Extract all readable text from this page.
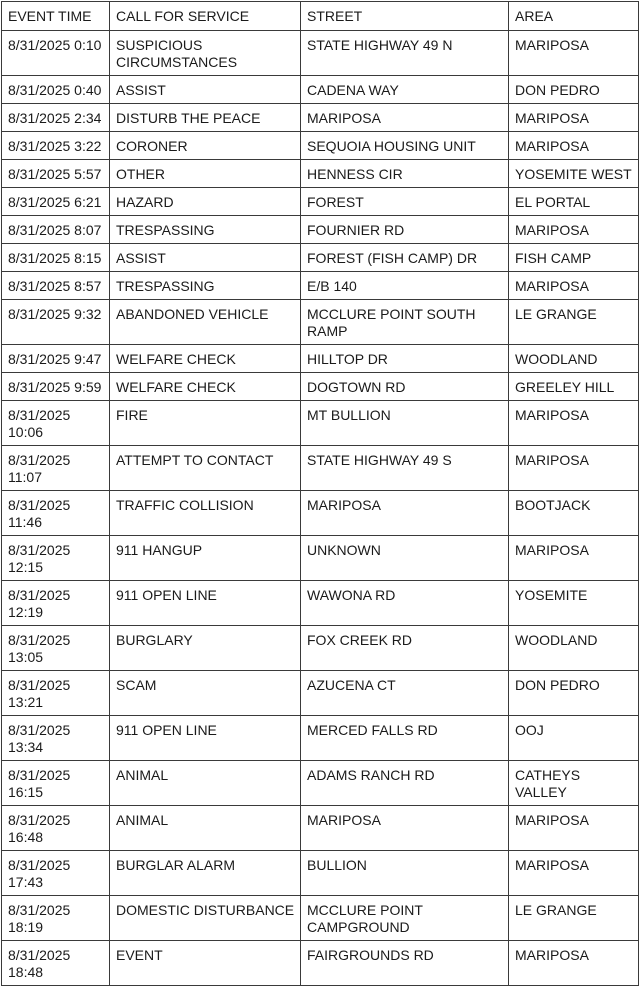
EVENT TIME	CALL FOR SERVICE	STREET	AREA
8/31/2025 0:10	SUSPICIOUS CIRCUMSTANCES	STATE HIGHWAY 49 N	MARIPOSA
8/31/2025 0:40	ASSIST	CADENA WAY	DON PEDRO
8/31/2025 2:34	DISTURB THE PEACE	MARIPOSA	MARIPOSA
8/31/2025 3:22	CORONER	SEQUOIA HOUSING UNIT	MARIPOSA
8/31/2025 5:57	OTHER	HENNESS CIR	YOSEMITE WEST
8/31/2025 6:21	HAZARD	FOREST	EL PORTAL
8/31/2025 8:07	TRESPASSING	FOURNIER RD	MARIPOSA
8/31/2025 8:15	ASSIST	FOREST (FISH CAMP) DR	FISH CAMP
8/31/2025 8:57	TRESPASSING	E/B 140	MARIPOSA
8/31/2025 9:32	ABANDONED VEHICLE	MCCLURE POINT SOUTH RAMP	LE GRANGE
8/31/2025 9:47	WELFARE CHECK	HILLTOP DR	WOODLAND
8/31/2025 9:59	WELFARE CHECK	DOGTOWN RD	GREELEY HILL
8/31/2025 10:06	FIRE	MT BULLION	MARIPOSA
8/31/2025 11:07	ATTEMPT TO CONTACT	STATE HIGHWAY 49 S	MARIPOSA
8/31/2025 11:46	TRAFFIC COLLISION	MARIPOSA	BOOTJACK
8/31/2025 12:15	911 HANGUP	UNKNOWN	MARIPOSA
8/31/2025 12:19	911 OPEN LINE	WAWONA RD	YOSEMITE
8/31/2025 13:05	BURGLARY	FOX CREEK RD	WOODLAND
8/31/2025 13:21	SCAM	AZUCENA CT	DON PEDRO
8/31/2025 13:34	911 OPEN LINE	MERCED FALLS RD	OOJ
8/31/2025 16:15	ANIMAL	ADAMS RANCH RD	CATHEYS VALLEY
8/31/2025 16:48	ANIMAL	MARIPOSA	MARIPOSA
8/31/2025 17:43	BURGLAR ALARM	BULLION	MARIPOSA
8/31/2025 18:19	DOMESTIC DISTURBANCE	MCCLURE POINT CAMPGROUND	LE GRANGE
8/31/2025 18:48	EVENT	FAIRGROUNDS RD	MARIPOSA
